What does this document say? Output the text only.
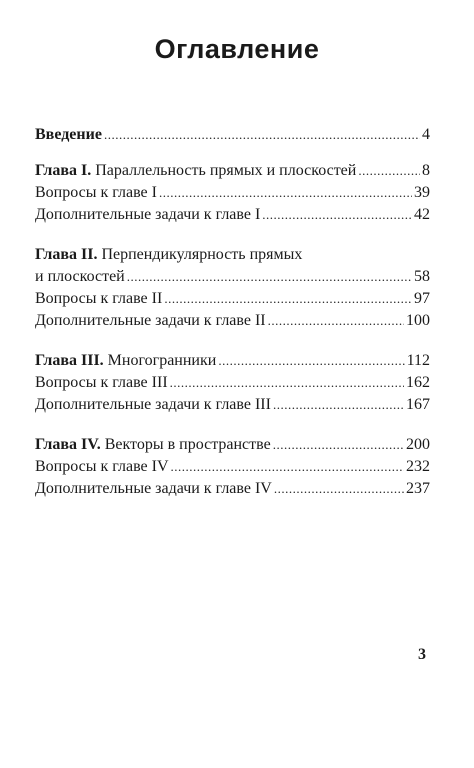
Оглавление
Введение .....	4
Глава I. Параллельность прямых и плоскостей .....	8
Вопросы к главе I .....	39
Дополнительные задачи к главе I .....	42
Глава II. Перпендикулярность прямых
и плоскостей .....	58
Вопросы к главе II .....	97
Дополнительные задачи к главе II .....	100
Глава III. Многогранники .....	112
Вопросы к главе III .....	162
Дополнительные задачи к главе III .....	167
Глава IV. Векторы в пространстве .....	200
Вопросы к главе IV .....	232
Дополнительные задачи к главе IV .....	237
3
